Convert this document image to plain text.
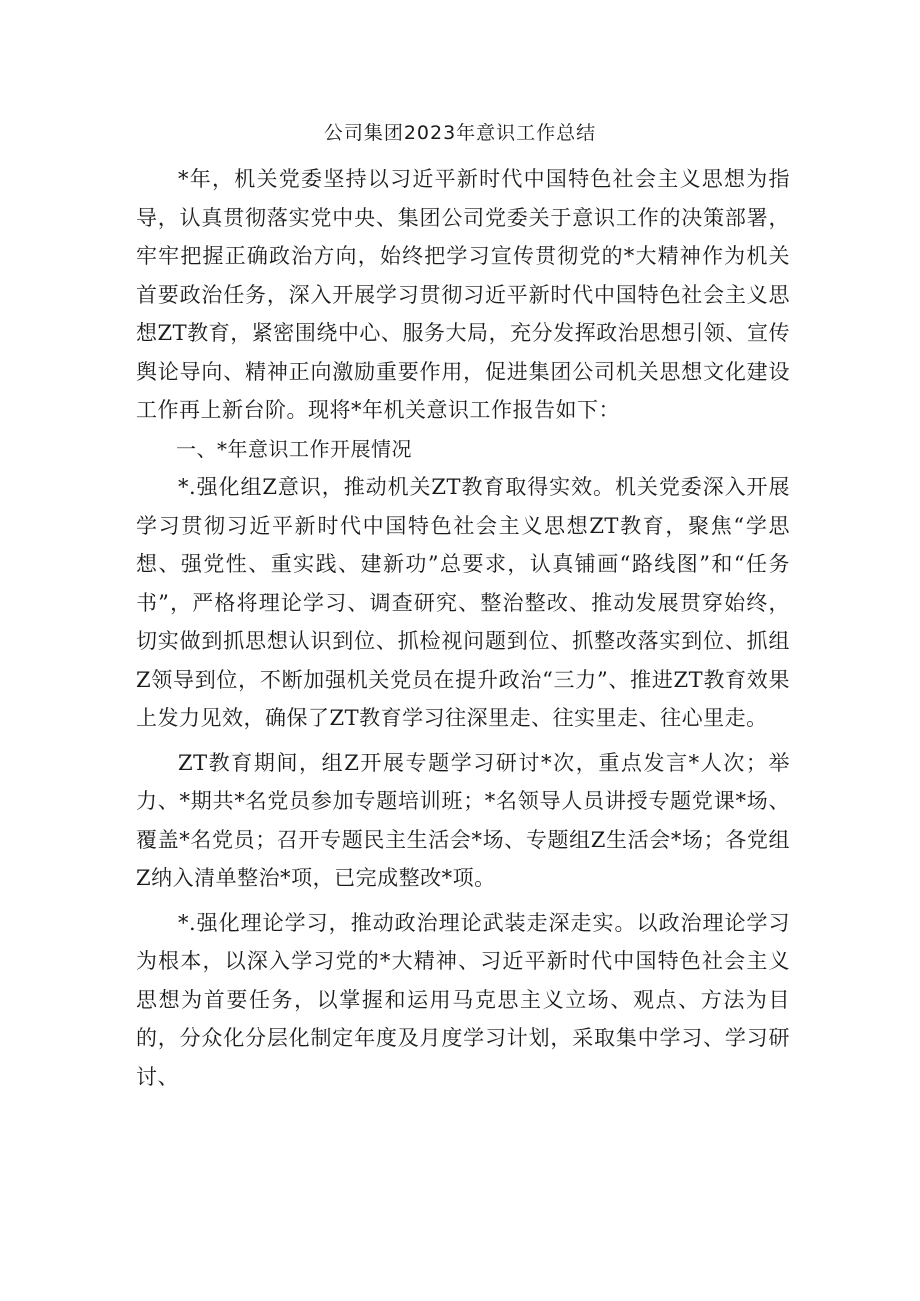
公司集团2023年意识工作总结

*年，机关党委坚持以习近平新时代中国特色社会主义思想为指导，认真贯彻落实党中央、集团公司党委关于意识工作的决策部署，牢牢把握正确政治方向，始终把学习宣传贯彻党的*大精神作为机关首要政治任务，深入开展学习贯彻习近平新时代中国特色社会主义思想ZT教育，紧密围绕中心、服务大局，充分发挥政治思想引领、宣传舆论导向、精神正向激励重要作用，促进集团公司机关思想文化建设工作再上新台阶。现将*年机关意识工作报告如下：

一、*年意识工作开展情况

*.强化组Z意识，推动机关ZT教育取得实效。机关党委深入开展学习贯彻习近平新时代中国特色社会主义思想ZT教育，聚焦“学思想、强党性、重实践、建新功”总要求，认真铺画“路线图”和“任务书”，严格将理论学习、调查研究、整治整改、推动发展贯穿始终，切实做到抓思想认识到位、抓检视问题到位、抓整改落实到位、抓组Z领导到位，不断加强机关党员在提升政治“三力”、推进ZT教育效果上发力见效，确保了ZT教育学习往深里走、往实里走、往心里走。

ZT教育期间，组Z开展专题学习研讨*次，重点发言*人次；举力、*期共*名党员参加专题培训班；*名领导人员讲授专题党课*场、覆盖*名党员；召开专题民主生活会*场、专题组Z生活会*场；各党组Z纳入清单整治*项，已完成整改*项。

*.强化理论学习，推动政治理论武装走深走实。以政治理论学习为根本，以深入学习党的*大精神、习近平新时代中国特色社会主义思想为首要任务，以掌握和运用马克思主义立场、观点、方法为目的，分众化分层化制定年度及月度学习计划，采取集中学习、学习研讨、
